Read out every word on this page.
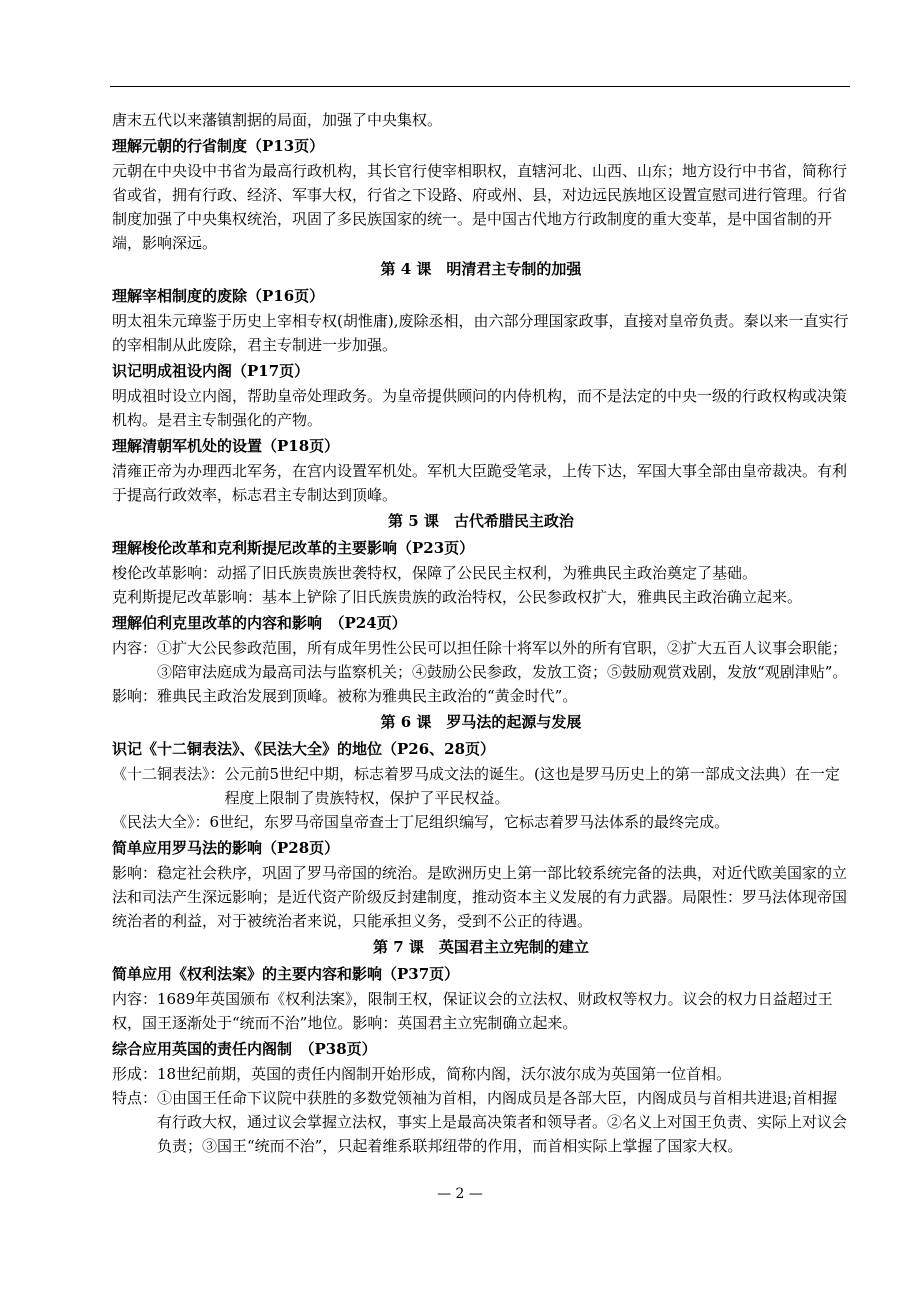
唐末五代以来藩镇割据的局面，加强了中央集权。

理解元朝的行省制度（P13页）

元朝在中央设中书省为最高行政机构，其长官行使宰相职权，直辖河北、山西、山东；地方设行中书省，简称行省或省，拥有行政、经济、军事大权，行省之下设路、府或州、县，对边远民族地区设置宣慰司进行管理。行省制度加强了中央集权统治，巩固了多民族国家的统一。是中国古代地方行政制度的重大变革，是中国省制的开端，影响深远。

第 4 课　明清君主专制的加强

理解宰相制度的废除（P16页）

明太祖朱元璋鉴于历史上宰相专权(胡惟庸),废除丞相，由六部分理国家政事，直接对皇帝负责。秦以来一直实行的宰相制从此废除，君主专制进一步加强。

识记明成祖设内阁（P17页）

明成祖时设立内阁，帮助皇帝处理政务。为皇帝提供顾问的内侍机构，而不是法定的中央一级的行政权构或决策机构。是君主专制强化的产物。

理解清朝军机处的设置（P18页）

清雍正帝为办理西北军务，在宫内设置军机处。军机大臣跪受笔录，上传下达，军国大事全部由皇帝裁决。有利于提高行政效率，标志君主专制达到顶峰。

第 5 课　古代希腊民主政治

理解梭伦改革和克利斯提尼改革的主要影响（P23页）

梭伦改革影响：动摇了旧氏族贵族世袭特权，保障了公民民主权利，为雅典民主政治奠定了基础。

克利斯提尼改革影响：基本上铲除了旧氏族贵族的政治特权，公民参政权扩大，雅典民主政治确立起来。

理解伯利克里改革的内容和影响　（P24页）

内容： ①扩大公民参政范围，所有成年男性公民可以担任除十将军以外的所有官职，②扩大五百人议事会职能；③陪审法庭成为最高司法与监察机关；④鼓励公民参政，发放工资；⑤鼓励观赏戏剧，发放“观剧津贴”。

影响：雅典民主政治发展到顶峰。被称为雅典民主政治的“黄金时代”。

第 6 课　罗马法的起源与发展

识记《十二铜表法》、《民法大全》的地位（P26、28页）

《十二铜表法》： 公元前5世纪中期，标志着罗马成文法的诞生。(这也是罗马历史上的第一部成文法典）在一定程度上限制了贵族特权，保护了平民权益。
《民法大全》： 6世纪，东罗马帝国皇帝查士丁尼组织编写，它标志着罗马法体系的最终完成。

简单应用罗马法的影响（P28页）

影响：稳定社会秩序，巩固了罗马帝国的统治。是欧洲历史上第一部比较系统完备的法典，对近代欧美国家的立法和司法产生深远影响；是近代资产阶级反封建制度，推动资本主义发展的有力武器。局限性：罗马法体现帝国统治者的利益，对于被统治者来说，只能承担义务，受到不公正的待遇。

第 7 课　英国君主立宪制的建立

简单应用《权利法案》的主要内容和影响（P37页）

内容：1689年英国颁布《权利法案》，限制王权，保证议会的立法权、财政权等权力。议会的权力日益超过王权，国王逐渐处于“统而不治”地位。影响：英国君主立宪制确立起来。

综合应用英国的责任内阁制　（P38页）

形成：18世纪前期，英国的责任内阁制开始形成，简称内阁，沃尔波尔成为英国第一位首相。

特点： ①由国王任命下议院中获胜的多数党领袖为首相，内阁成员是各部大臣，内阁成员与首相共进退;首相握有行政大权，通过议会掌握立法权，事实上是最高决策者和领导者。②名义上对国王负责、实际上对议会负责；③国王“统而不治”，只起着维系联邦纽带的作用，而首相实际上掌握了国家大权。
— 2 —
